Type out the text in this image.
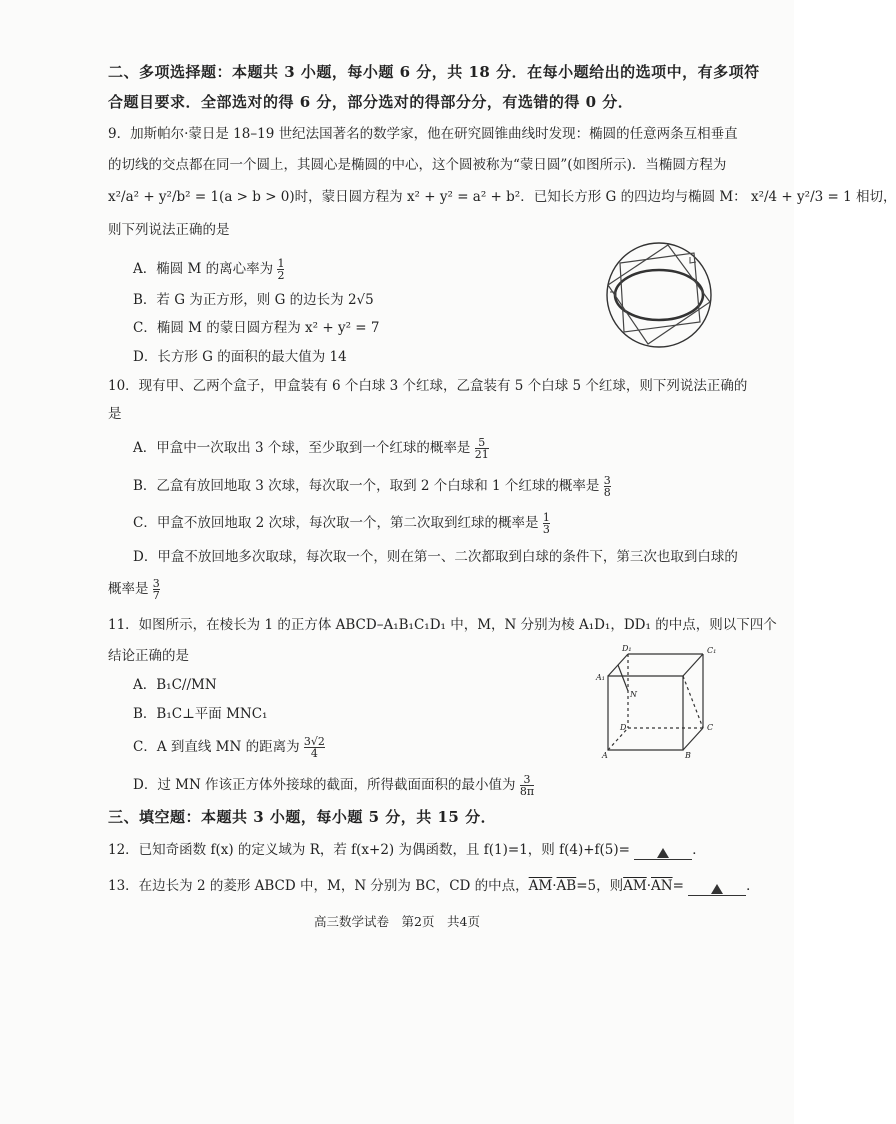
二、多项选择题：本题共 3 小题，每小题 6 分，共 18 分．在每小题给出的选项中，有多项符
合题目要求．全部选对的得 6 分，部分选对的得部分分，有选错的得 0 分．
9．加斯帕尔·蒙日是 18–19 世纪法国著名的数学家，他在研究圆锥曲线时发现：椭圆的任意两条互相垂直
的切线的交点都在同一个圆上，其圆心是椭圆的中心，这个圆被称为“蒙日圆”(如图所示)．当椭圆方程为
x²/a² + y²/b² = 1(a > b > 0)时，蒙日圆方程为 x² + y² = a² + b²．已知长方形 G 的四边均与椭圆 M： x²/4 + y²/3 = 1 相切，
则下列说法正确的是
A．椭圆 M 的离心率为 $\frac{1}{2}$
B．若 G 为正方形，则 G 的边长为 2√5
C．椭圆 M 的蒙日圆方程为 x² + y² = 7
D．长方形 G 的面积的最大值为 14
10．现有甲、乙两个盒子，甲盒装有 6 个白球 3 个红球，乙盒装有 5 个白球 5 个红球，则下列说法正确的
是
A．甲盒中一次取出 3 个球，至少取到一个红球的概率是 $\frac{5}{21}$
B．乙盒有放回地取 3 次球，每次取一个，取到 2 个白球和 1 个红球的概率是 $\frac{3}{8}$
C．甲盒不放回地取 2 次球，每次取一个，第二次取到红球的概率是 $\frac{1}{3}$
D．甲盒不放回地多次取球，每次取一个，则在第一、二次都取到白球的条件下，第三次也取到白球的
概率是 $\frac{3}{7}$
11．如图所示，在棱长为 1 的正方体 ABCD–A₁B₁C₁D₁ 中，M，N 分别为棱 A₁D₁，DD₁ 的中点，则以下四个
结论正确的是
A．B₁C//MN
B．B₁C⊥平面 MNC₁
C．A 到直线 MN 的距离为 $\frac{3√2}{4}$
D．过 MN 作该正方体外接球的截面，所得截面面积的最小值为 $\frac{3}{8\pi}$
D₁	C₁
A₁
N
D	C
A	B
三、填空题：本题共 3 小题，每小题 5 分，共 15 分．
12．已知奇函数 f(x) 的定义域为 R，若 f(x+2) 为偶函数，且 f(1)=1，则 f(4)+f(5)=	．
13．在边长为 2 的菱形 ABCD 中，M，N 分别为 BC，CD 的中点，$\overline{AM}\cdot\overline{AB}=5$，则$\overline{AM}\cdot\overline{AN}=$	．
高三数学试卷　第2页　共4页
